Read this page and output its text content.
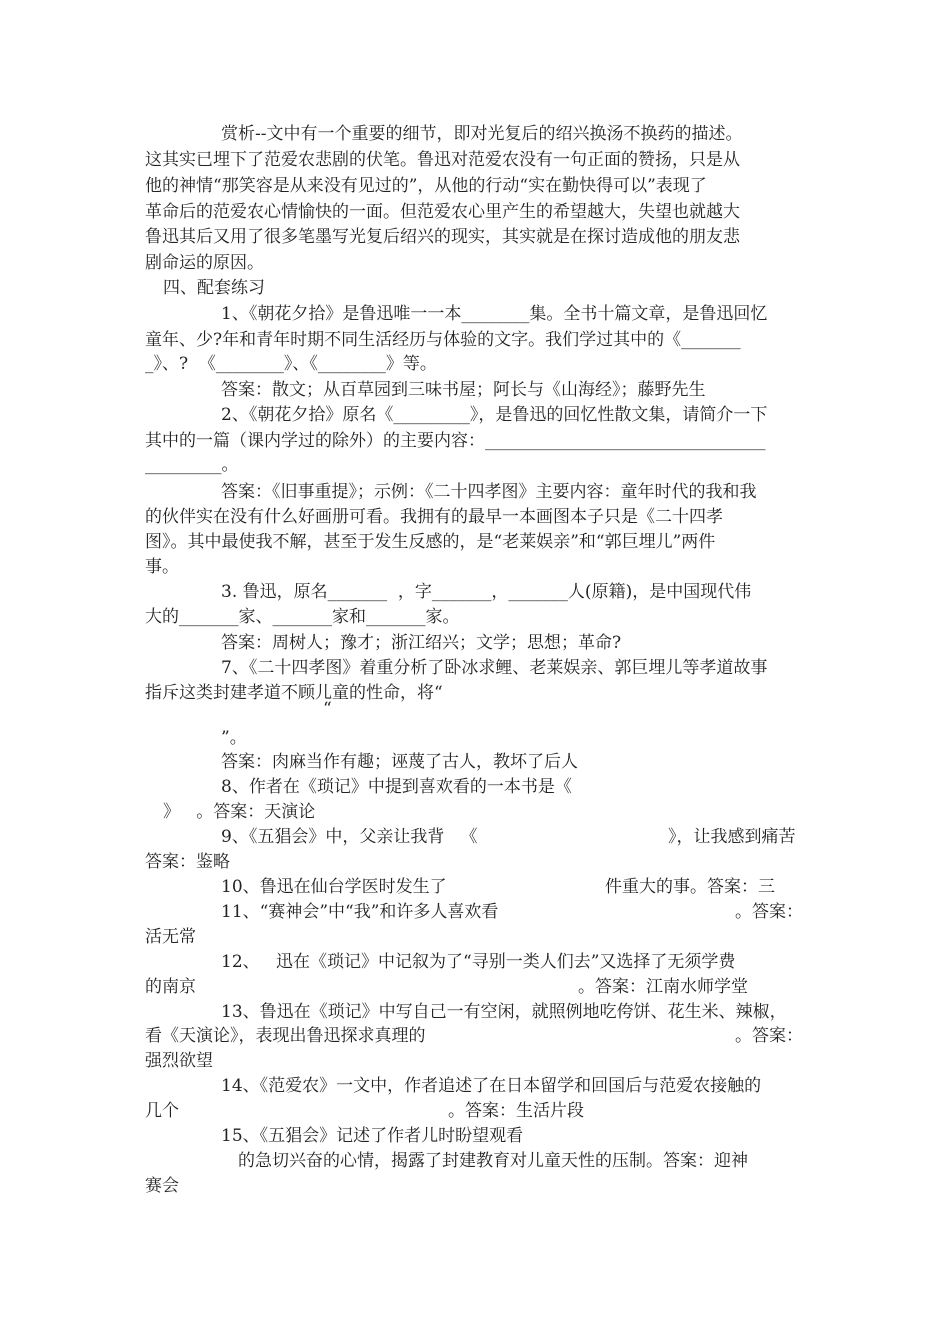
赏析--文中有一个重要的细节，即对光复后的绍兴换汤不换药的描述。
这其实已埋下了范爱农悲剧的伏笔。鲁迅对范爱农没有一句正面的赞扬，只是从
他的神情“那笑容是从来没有见过的”，从他的行动“实在勤快得可以”表现了
革命后的范爱农心情愉快的一面。但范爱农心里产生的希望越大，失望也就越大
鲁迅其后又用了很多笔墨写光复后绍兴的现实，其实就是在探讨造成他的朋友悲
剧命运的原因。
四、配套练习
1、《朝花夕拾》是鲁迅唯一一本________集。全书十篇文章，是鲁迅回忆
童年、少?年和青年时期不同生活经历与体验的文字。我们学过其中的《_______
_》、?  《________》、《________》等。
答案：散文；从百草园到三味书屋；阿长与《山海经》；藤野先生
2、《朝花夕拾》原名《_________》，是鲁迅的回忆性散文集，请简介一下
其中的一篇（课内学过的除外）的主要内容：_________________________________
_________。
答案：《旧事重提》；示例：《二十四孝图》主要内容：童年时代的我和我
的伙伴实在没有什么好画册可看。我拥有的最早一本画图本子只是《二十四孝
图》。其中最使我不解，甚至于发生反感的，是“老莱娱亲”和“郭巨埋儿”两件
事。
3. 鲁迅，原名_______  ，字_______，_______人(原籍)，是中国现代伟
大的_______家、_______家和_______家。
答案：周树人；豫才；浙江绍兴；文学；思想；革命?
7、《二十四孝图》着重分析了卧冰求鲤、老莱娱亲、郭巨埋儿等孝道故事
指斥这类封建孝道不顾儿童的性命，将“
“
”。
答案：肉麻当作有趣；诬蔑了古人，教坏了后人
8、作者在《琐记》中提到喜欢看的一本书是《
》   。答案：天演论
9、《五猖会》中，父亲让我背   《	》，让我感到痛苦
答案：鉴略
10、鲁迅在仙台学医时发生了	件重大的事。答案：三
11、“赛神会”中“我”和许多人喜欢看	。答案：
活无常
12、 迅在《琐记》中记叙为了“寻别一类人们去”又选择了无须学费
的南京	。答案：江南水师学堂
13、鲁迅在《琐记》中写自己一有空闲，就照例地吃侉饼、花生米、辣椒，
看《天演论》，表现出鲁迅探求真理的	。答案：
强烈欲望
14、《范爱农》一文中，作者追述了在日本留学和回国后与范爱农接触的
几个	。答案：生活片段
15、《五猖会》记述了作者儿时盼望观看
的急切兴奋的心情，揭露了封建教育对儿童天性的压制。答案：迎神
赛会
